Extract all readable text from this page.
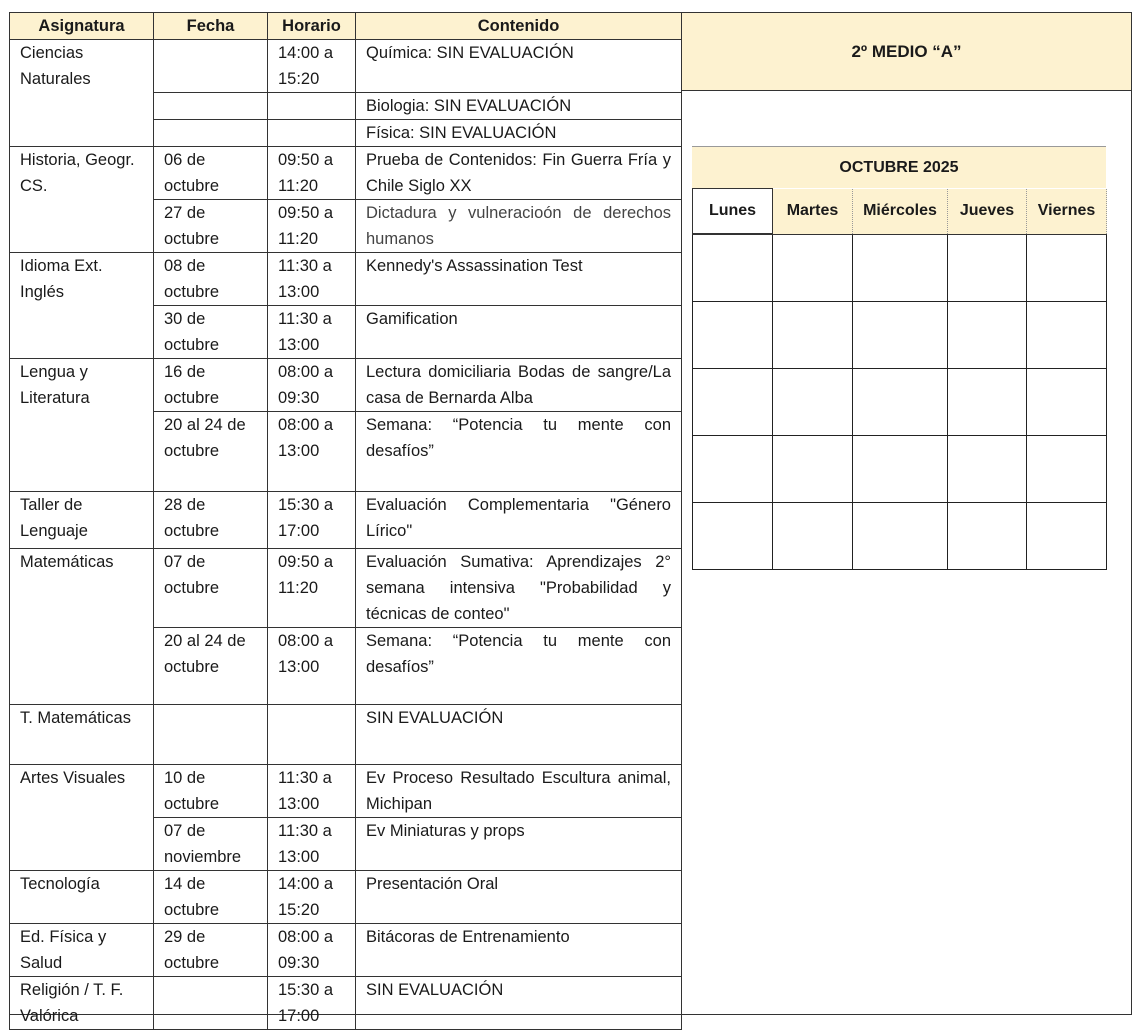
Asignatura	Fecha	Horario	Contenido
Ciencias Naturales		14:00 a 15:20	Química: SIN EVALUACIÓN
			Biologia: SIN EVALUACIÓN
			Física: SIN EVALUACIÓN
Historia, Geogr. CS.	06 de octubre	09:50 a 11:20	Prueba de Contenidos: Fin Guerra Fría y Chile Siglo XX
	27 de octubre	09:50 a 11:20	Dictadura y vulneracioón de derechos humanos
Idioma Ext. Inglés	08 de octubre	11:30 a 13:00	Kennedy's Assassination Test
	30 de octubre	11:30 a 13:00	Gamification
Lengua y Literatura	16 de octubre	08:00 a 09:30	Lectura domiciliaria Bodas de sangre/La casa de Bernarda Alba
	20 al 24 de octubre	08:00 a 13:00	Semana: “Potencia tu mente con desafíos”
Taller de Lenguaje	28 de octubre	15:30 a 17:00	Evaluación Complementaria "Género Lírico"
Matemáticas	07 de octubre	09:50 a 11:20	Evaluación Sumativa: Aprendizajes 2° semana intensiva "Probabilidad y técnicas de conteo"
	20 al 24 de octubre	08:00 a 13:00	Semana: “Potencia tu mente con desafíos”
T. Matemáticas			SIN EVALUACIÓN
Artes Visuales	10 de octubre	11:30 a 13:00	Ev Proceso Resultado Escultura animal, Michipan
	07 de noviembre	11:30 a 13:00	Ev Miniaturas y props
Tecnología	14 de octubre	14:00 a 15:20	Presentación Oral
Ed. Física y Salud	29 de octubre	08:00 a 09:30	Bitácoras de Entrenamiento
Religión / T. F. Valórica		15:30 a 17:00	SIN EVALUACIÓN
2º MEDIO “A”
OCTUBRE 2025
Lunes	Martes	Miércoles	Jueves	Viernes
